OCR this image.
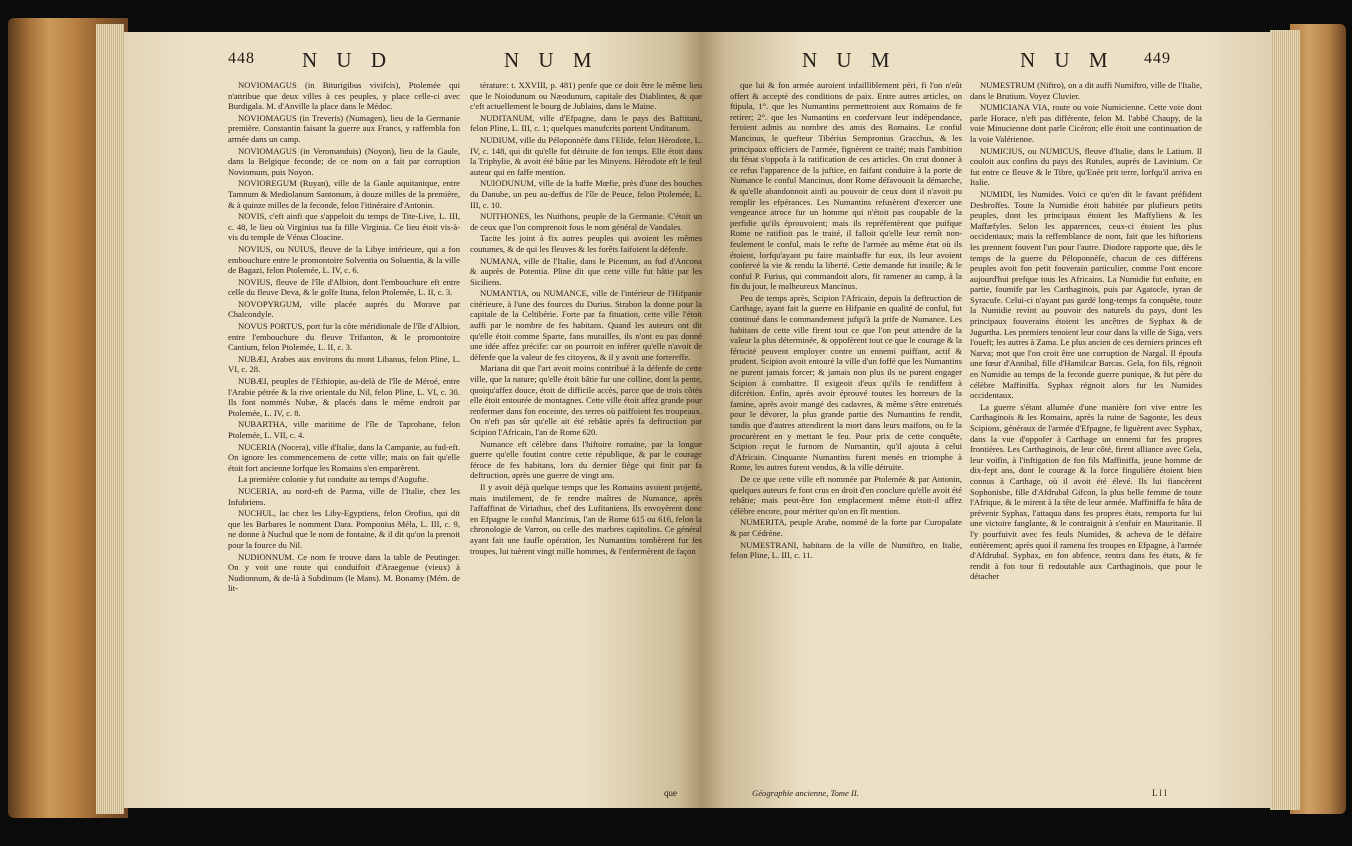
448 N U D	N U M

NOVIOMAGUS (in Biturigibus vivifcis), Ptolemée qui n'attribue que deux villes à ces peuples, y place celle-ci avec Burdigala. M. d'Anville la place dans le Médoc.

NOVIOMAGUS (in Treveris) (Numagen), lieu de la Germanie première. Constantin faisant la guerre aux Francs, y raffembla fon armée dans un camp.

NOVIOMAGUS (in Veromanduis) (Noyon), lieu de la Gaule, dans la Belgique feconde; de ce nom on a fait par corruption Noviomum, puis Noyon.

NOVIOREGUM (Ruyan), ville de la Gaule aquitanique, entre Tamnum & Mediolanum Santonum, à douze milles de la première, & à quinze milles de la feconde, felon l'itinéraire d'Antonin.

NOVIS, c'eft ainfi que s'appeloit du temps de Tite-Live, L. III, c. 48, le lieu où Virginius tua fa fille Virginia. Ce lieu étoit vis-à-vis du temple de Vénus Cloacine.

NOVIUS, ou NUIUS, fleuve de la Libye intérieure, qui a fon embouchure entre le promontoire Solventia ou Soluentia, & la ville de Bagazi, felon Ptolemée, L. IV, c. 6.

NOVIUS, fleuve de l'île d'Albion, dont l'embouchure eft entre celle du fleuve Deva, & le golfe Ituna, felon Ptolemée, L. II, c. 3.

NOVOPYRGUM, ville placée auprès du Morave par Chalcondyle.

NOVUS PORTUS, port fur la côte méridionale de l'île d'Albion, entre l'embouchure du fleuve Trifanton, & le promontoire Cantium, felon Ptolemée, L. II, c. 3.

NUBÆI, Arabes aux environs du mont Libanus, felon Pline, L. VI, c. 28.

NUBÆI, peuples de l'Ethiopie, au-delà de l'île de Méroé, entre l'Arabie pétrée & la rive orientale du Nil, felon Pline, L. VI, c. 30. Ils font nommés Nubæ, & placés dans le même endroit par Ptolemée, L. IV, c. 8.

NUBARTHA, ville maritime de l'île de Taprobane, felon Ptolemée, L. VII, c. 4.

NUCERIA (Nocera), ville d'Italie, dans la Campanie, au fud-eft. On ignore les commencemens de cette ville; mais on fait qu'elle étoit fort ancienne lorfque les Romains s'en emparèrent.

La première colonie y fut conduite au temps d'Augufte.

NUCERIA, au nord-eft de Parma, ville de l'Italie, chez les Infubriens.

NUCHUL, lac chez les Liby-Egyptiens, felon Orofius, qui dit que les Barbares le nomment Dara. Pomponius Méla, L. III, c. 9, ne donne à Nuchul que le nom de fontaine, & il dit qu'on la prenoit pour la fource du Nil.

NUDIONNUM. Ce nom fe trouve dans la table de Peutinger. On y voit une route qui conduifoit d'Araegenue (vieux) à Nudionnum, & de-là à Subdinum (le Mans). M. Bonamy (Mém. de lit-

térature: t. XXVIII, p. 481) penfe que ce doit être le même lieu que le Noiodunum ou Næodunum, capitale des Diablintes, & que c'eft actuellement le bourg de Jublains, dans le Maine.

NUDITANUM, ville d'Efpagne, dans le pays des Baftitani, felon Pline, L. III, c. 1; quelques manufcrits portent Unditanum.

NUDIUM, ville du Péloponnèfe dans l'Elide, felon Hérodote, L. IV, c. 148, qui dit qu'elle fut détruite de fon temps. Elle étoit dans la Triphylie, & avoit été bâtie par les Minyens. Hérodote eft le feul auteur qui en faffe mention.

NUIODUNUM, ville de la baffe Mœfie, près d'une des bouches du Danube, un peu au-deffus de l'île de Peuce, felon Ptolemée, L. III, c. 10.

NUITHONES, les Nuithons, peuple de la Germanie. C'étoit un de ceux que l'on comprenoit fous le nom général de Vandales.

Tacite les joint à fix autres peuples qui avoient les mêmes coutumes, & de qui les fleuves & les forêts faifoient la défenfe.

NUMANA, ville de l'Italie, dans le Picenum, au fud d'Ancona & auprès de Potentia. Pline dit que cette ville fut bâtie par les Siciliens.

NUMANTIA, ou NUMANCE, ville de l'intérieur de l'Hifpanie citérieure, à l'une des fources du Durius. Strabon la donne pour la capitale de la Celtibérie. Forte par fa fituation, cette ville l'étoit auffi par le nombre de fes habitans. Quand les auteurs ont dit qu'elle étoit comme Sparte, fans murailles, ils n'ont eu pas donné une idée affez précife: car on pourroit en inférer qu'elle n'avoit de défenfe que la valeur de fes citoyens, & il y avoit une fortereffe.

Mariana dit que l'art avoit moins contribué à la défenfe de cette ville, que la nature; qu'elle étoit bâtie fur une colline, dont la pente, quoiqu'affez douce, étoit de difficile accès, parce que de trois côtés elle étoit entourée de montagnes. Cette ville étoit affez grande pour renfermer dans fon enceinte, des terres où paiffoient fes troupeaux. On n'eft pas sûr qu'elle ait été rebâtie après fa deftruction par Scipion l'Africain, l'an de Rome 620.

Numance eft célèbre dans l'hiftoire romaine, par la longue guerre qu'elle foutint contre cette république, & par le courage féroce de fes habitans, lors du dernier fiège qui finit par fa deftruction, après une guerre de vingt ans.

Il y avoit déjà quelque temps que les Romains avoient projetté, mais inutilement, de fe rendre maîtres de Numance, après l'affaffinat de Viriathus, chef des Lufitaniens. Ils envoyèrent donc en Efpagne le conful Mancinus, l'an de Rome 615 ou 616, felon la chronologie de Varron, ou celle des marbres capitolins. Ce général ayant fait une faufle opération, les Numantins tombèrent fur fes troupes, lui tuèrent vingt mille hommes, & l'enfermèrent de façon

que
N U M	N U M 449

que lui & fon armée auroient infailliblement péri, fi l'on n'eût offert & accepté des conditions de paix. Entre autres articles, on ftipula, 1°. que les Numantins permettroient aux Romains de fe retirer; 2°. que les Numantins en confervant leur indépendance, feroient admis au nombre des amis des Romains. Le conful Mancinus, le quefteur Tibérius Sempronius Gracchus, & les principaux officiers de l'armée, fignèrent ce traité; mais l'ambition du fénat s'oppofa à la ratification de ces articles. On crut donner à ce refus l'apparence de la juftice, en faifant conduire à la porte de Numance le conful Mancinus, dont Rome défavouoit la démarche, & qu'elle abandonnoit ainfi au pouvoir de ceux dont il n'avoit pu remplir les efpérances. Les Numantins refusèrent d'exercer une vengeance atroce fur un homme qui n'étoit pas coupable de la perfidie qu'ils éprouvoient; mais ils repréfentèrent que puifque Rome ne ratifioit pas le traité, il falloit qu'elle leur remît non-feulement le conful, mais le refte de l'armée au même état où ils étoient, lorfqu'ayant pu faire mainbaffe fur eux, ils leur avoient confervé la vie & rendu la liberté. Cette demande fut inutile; & le conful P. Furius, qui commandoit alors, fit ramener au camp, à la fin du jour, le malheureux Mancinus.

Peu de temps après, Scipion l'Africain, depuis la deftruction de Carthage, ayant fait la guerre en Hifpanie en qualité de conful, fut continué dans le commandement jufqu'à la prife de Numance. Les habitans de cette ville firent tout ce que l'on peut attendre de la valeur la plus déterminée, & oppofèrent tout ce que le courage & la férocité peuvent employer contre un ennemi puiffant, actif & prudent. Scipion avoit entouré la ville d'un foffé que les Numantins ne purent jamais forcer; & jamais non plus ils ne purent engager Scipion à combattre. Il exigeoit d'eux qu'ils fe rendiffent à difcrétion. Enfin, après avoir éprouvé toutes les horreurs de la famine, après avoir mangé des cadavres, & même s'être entretués pour le dévorer, la plus grande partie des Numantins fe rendit, tandis que d'autres attendirent la mort dans leurs maifons, ou fe la procurèrent en y mettant le feu. Pour prix de cette conquête, Scipion reçut le furnom de Numantin, qu'il ajouta à celui d'Africain. Cinquante Numantins furent menés en triomphe à Rome, les autres furent vendus, & la ville détruite.

De ce que cette ville eft nommée par Ptolemée & par Antonin, quelques auteurs fe font crus en droit d'en conclure qu'elle avoit été rebâtie; mais peut-être fon emplacement même étoit-il affez célèbre encore, pour mériter qu'on en fît mention.

NUMERITA, peuple Arabe, nommé de la forte par Curopalate & par Cédrène.

NUMESTRANI, habitans de la ville de Numiftro, en Italie, felon Pline, L. III, c. 11.

NUMESTRUM (Niftro), on a dit auffi Numiftro, ville de l'Italie, dans le Brutium. Voyez Cluvier.

NUMICIANA VIA, route ou voie Numicienne. Cette voie dont parle Horace, n'eft pas différente, felon M. l'abbé Chaupy, de la voie Minucienne dont parle Cicéron; elle étoit une continuation de la voie Valérienne.

NUMICIUS, ou NUMICUS, fleuve d'Italie, dans le Latium. Il couloit aux confins du pays des Rutules, auprès de Lavinium. Ce fut entre ce fleuve & le Tibre, qu'Enée prit terre, lorfqu'il arriva en Italie.

NUMIDI, les Numides. Voici ce qu'en dit le favant préfident Desbroffes. Toute la Numidie étoit habitée par plufieurs petits peuples, dont les principaux étoient les Maffyliens & les Maffæfyles. Selon les apparences, ceux-ci étoient les plus occidentaux; mais la reffemblance de nom, fait que les hiftoriens les prennent fouvent l'un pour l'autre. Diodore rapporte que, dès le temps de la guerre du Péloponnèfe, chacun de ces différens peuples avoit fon petit fouverain particulier, comme l'ont encore aujourd'hui prefque tous les Africains. La Numidie fut enfuite, en partie, foumife par les Carthaginois, puis par Agatocle, tyran de Syracufe. Celui-ci n'ayant pas gardé long-temps fa conquête, toute la Numidie revint au pouvoir des naturels du pays, dont les principaux fouverains étoient les ancêtres de Syphax & de Jugurtha. Les premiers tenoient leur cour dans la ville de Siga, vers l'oueft; les autres à Zama. Le plus ancien de ces derniers princes eft Narva; mot que l'on croit être une corruption de Nargal. Il époufa une fœur d'Annibal, fille d'Hamilcar Barcas. Gela, fon fils, régnoit en Numidie au temps de la feconde guerre punique, & fut père du célèbre Maffiniffa. Syphax régnoit alors fur les Numides occidentaux.

La guerre s'étant allumée d'une manière fort vive entre les Carthaginois & les Romains, après la ruine de Sagonte, les deux Scipions, généraux de l'armée d'Efpagne, fe liguèrent avec Syphax, dans la vue d'oppofer à Carthage un ennemi fur fes propres frontières. Les Carthaginois, de leur côté, firent alliance avec Gela, leur voifin, à l'inftigation de fon fils Maffiniffa, jeune homme de dix-fept ans, dont le courage & la force fingulière étoient bien connus à Carthage, où il avoit été élevé. Ils lui fiancèrent Sophonisbe, fille d'Afdrubal Gifcon, la plus belle femme de toute l'Afrique, & le mirent à la tête de leur armée. Maffiniffa fe hâta de prévenir Syphax, l'attaqua dans fes propres états, remporta fur lui une victoire fanglante, & le contraignit à s'enfuir en Mauritanie. Il l'y pourfuivit avec fes feuls Numides, & acheva de le défaire entièrement; après quoi il ramena fes troupes en Efpagne, à l'armée d'Afdrubal. Syphax, en fon abfence, rentra dans fes états, & fe rendit à fon tour fi redoutable aux Carthaginois, que pour le détacher

Géographie ancienne, Tome II.	L l l
